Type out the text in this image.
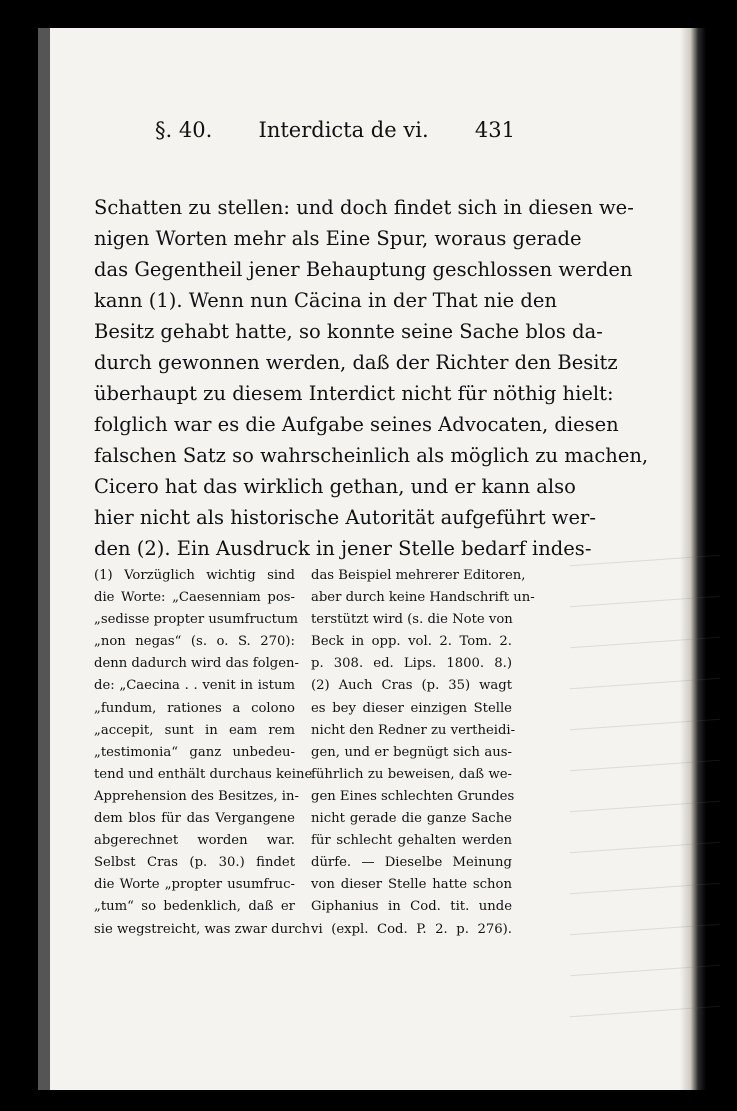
§. 40. Interdicta de vi. 431
Schatten zu stellen: und doch findet sich in diesen we-
nigen Worten mehr als Eine Spur, woraus gerade
das Gegentheil jener Behauptung geschlossen werden
kann (1). Wenn nun Cäcina in der That nie den
Besitz gehabt hatte, so konnte seine Sache blos da-
durch gewonnen werden, daß der Richter den Besitz
überhaupt zu diesem Interdict nicht für nöthig hielt:
folglich war es die Aufgabe seines Advocaten, diesen
falschen Satz so wahrscheinlich als möglich zu machen,
Cicero hat das wirklich gethan, und er kann also
hier nicht als historische Autorität aufgeführt wer-
den (2). Ein Ausdruck in jener Stelle bedarf indes-
(1) Vorzüglich wichtig sind
die Worte: „Caesenniam pos-
„sedisse propter usumfructum
„non negas“ (s. o. S. 270):
denn dadurch wird das folgen-
de: „Caecina . . venit in istum
„fundum, rationes a colono
„accepit, sunt in eam rem
„testimonia“ ganz unbedeu-
tend und enthält durchaus keine
Apprehension des Besitzes, in-
dem blos für das Vergangene
abgerechnet worden war.
Selbst Cras (p. 30.) findet
die Worte „propter usumfruc-
„tum“ so bedenklich, daß er
sie wegstreicht, was zwar durch
das Beispiel mehrerer Editoren,
aber durch keine Handschrift un-
terstützt wird (s. die Note von
Beck in opp. vol. 2. Tom. 2.
p. 308. ed. Lips. 1800. 8.)
(2) Auch Cras (p. 35) wagt
es bey dieser einzigen Stelle
nicht den Redner zu vertheidi-
gen, und er begnügt sich aus-
führlich zu beweisen, daß we-
gen Eines schlechten Grundes
nicht gerade die ganze Sache
für schlecht gehalten werden
dürfe. — Dieselbe Meinung
von dieser Stelle hatte schon
Giphanius in Cod. tit. unde
vi (expl. Cod. P. 2. p. 276).
